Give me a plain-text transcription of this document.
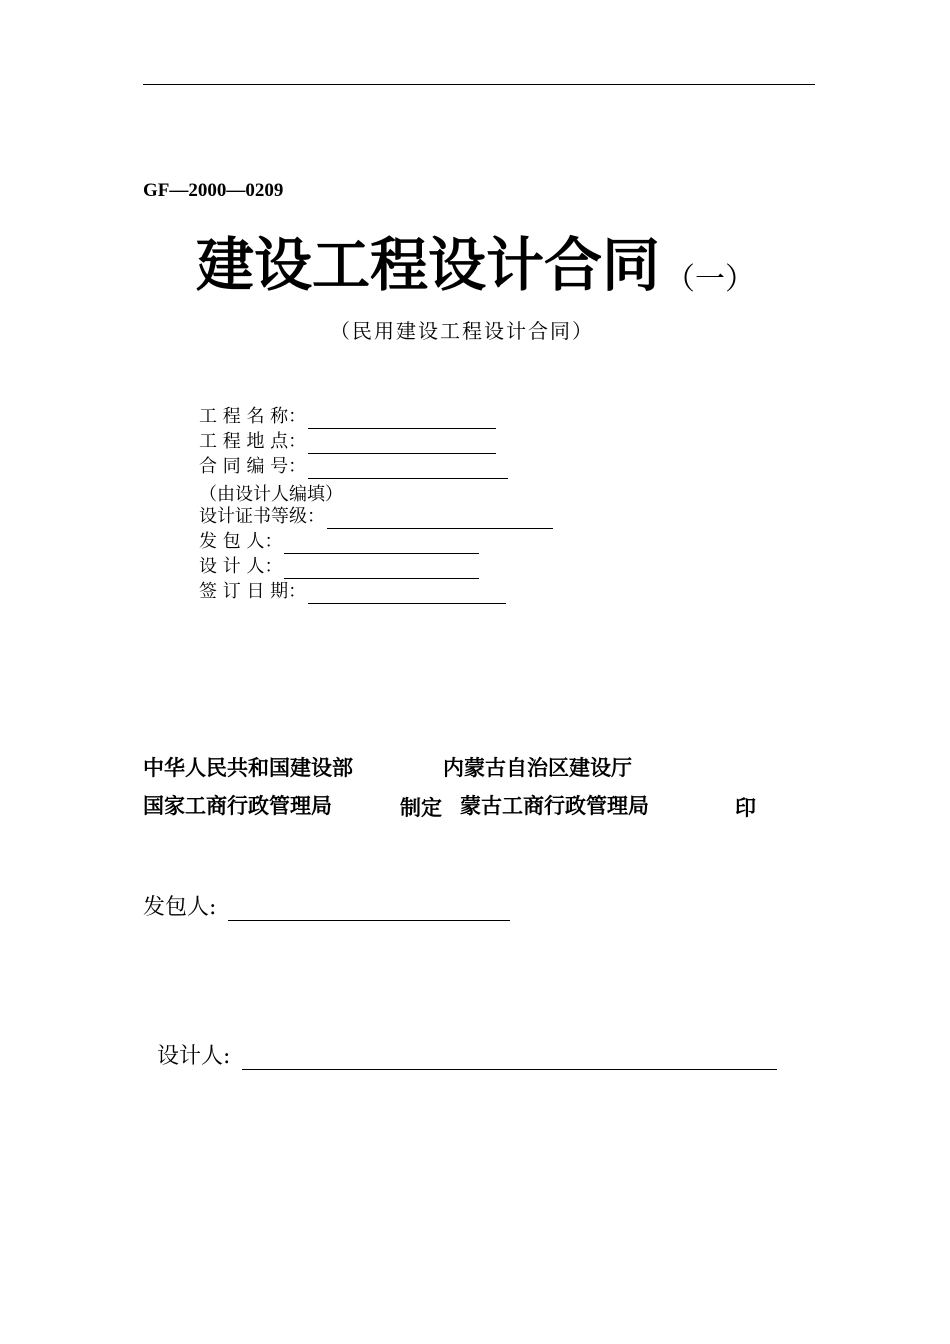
GF—2000—0209
建设工程设计合同 （一）
（民用建设工程设计合同）
工 程 名 称：
工 程 地 点：
合 同 编 号：
（由设计人编填）
设计证书等级：
发 包 人：
设 计 人：
签 订 日 期：
中华人民共和国建设部	内蒙古自治区建设厅
国家工商行政管理局	制定 蒙古工商行政管理局	印
发包人:
设计人:
